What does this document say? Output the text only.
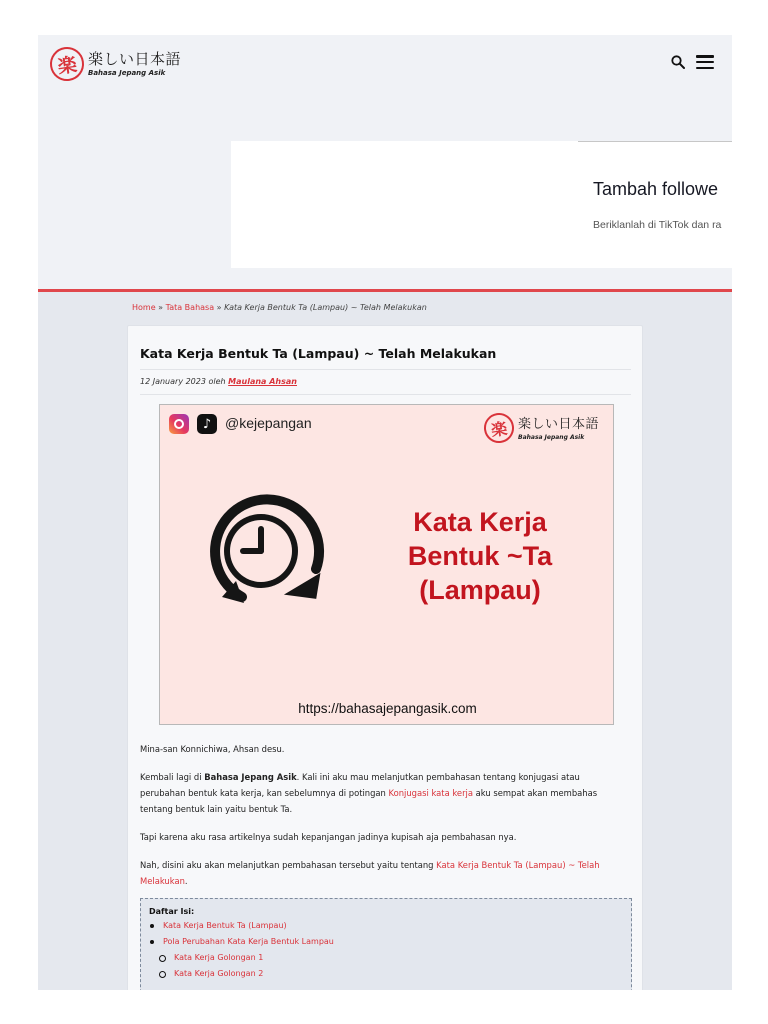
楽 楽しい日本語
Bahasa Jepang Asik
Tambah followe
Beriklanlah di TikTok dan ra
Home » Tata Bahasa » Kata Kerja Bentuk Ta (Lampau) ~ Telah Melakukan
Kata Kerja Bentuk Ta (Lampau) ~ Telah Melakukan
12 January 2023 oleh Maulana Ahsan
♪ @kejepangan	楽 楽しい日本語
Bahasa Jepang Asik
Kata Kerja
Bentuk ~Ta
(Lampau)
https://bahasajepangasik.com

Mina-san Konnichiwa, Ahsan desu.

Kembali lagi di Bahasa Jepang Asik. Kali ini aku mau melanjutkan pembahasan tentang konjugasi atau perubahan bentuk kata kerja, kan sebelumnya di potingan Konjugasi kata kerja aku sempat akan membahas tentang bentuk lain yaitu bentuk Ta.

Tapi karena aku rasa artikelnya sudah kepanjangan jadinya kupisah aja pembahasan nya.

Nah, disini aku akan melanjutkan pembahasan tersebut yaitu tentang Kata Kerja Bentuk Ta (Lampau) ~ Telah Melakukan.

Daftar Isi:
Kata Kerja Bentuk Ta (Lampau)
Pola Perubahan Kata Kerja Bentuk Lampau
Kata Kerja Golongan 1
Kata Kerja Golongan 2
